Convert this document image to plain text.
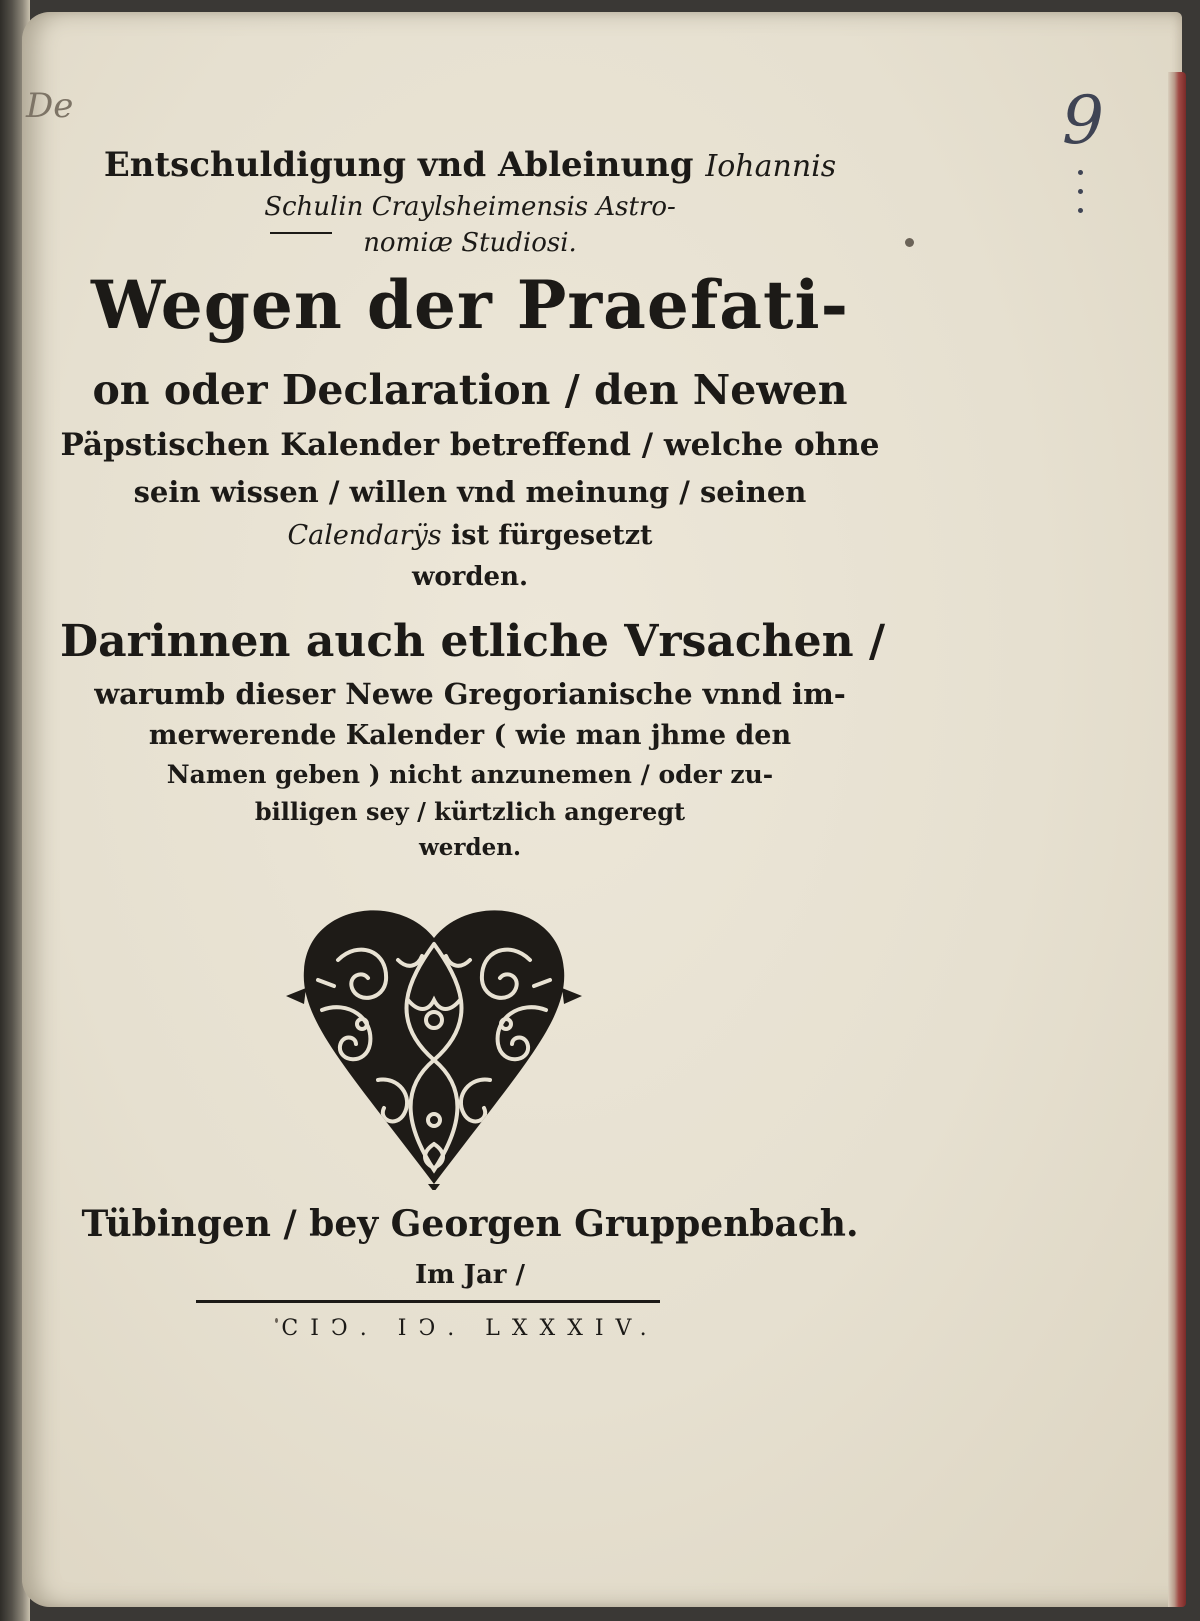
De	9
Entschuldigung vnd Ableinung Iohannis
Schulin Craylsheimensis Astro-
nomiæ Studiosi.
Wegen der Praefati-
on oder Declaration / den Newen
Päpstischen Kalender betreffend / welche ohne
sein wissen / willen vnd meinung / seinen
Calendarÿs ist fürgesetzt
worden.
Darinnen auch etliche Vrsachen /
warumb dieser Newe Gregorianische vnnd im-
merwerende Kalender ( wie man jhme den
Namen geben ) nicht anzunemen / oder zu-
billigen sey / kürtzlich angeregt
werden.
Tübingen / bey Georgen Gruppenbach.
Im Jar /
CIↃ. IↃ. LXXXIV.
